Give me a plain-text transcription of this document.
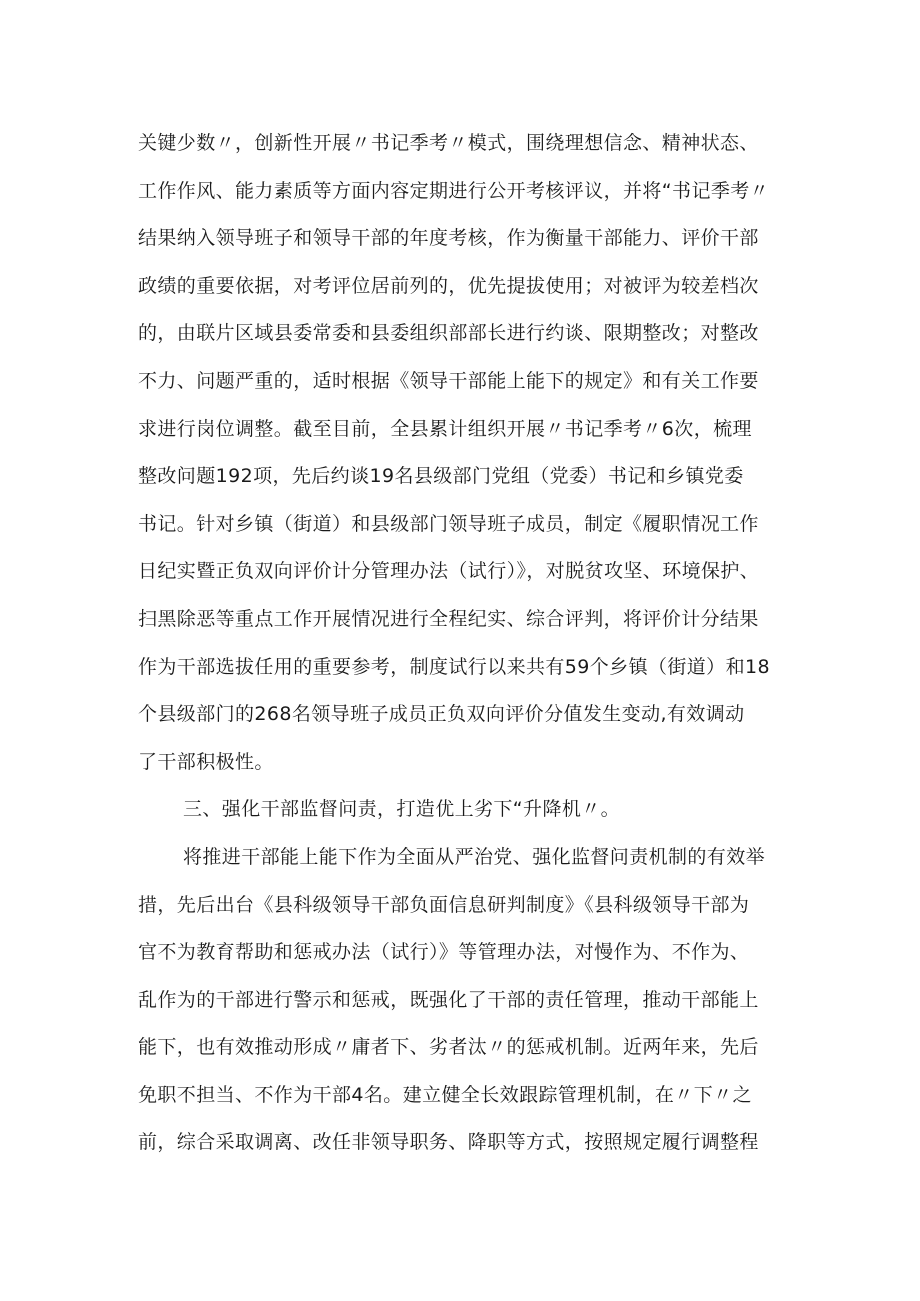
关键少数〃，创新性开展〃书记季考〃模式，围绕理想信念、精神状态、
工作作风、能力素质等方面内容定期进行公开考核评议，并将“书记季考〃
结果纳入领导班子和领导干部的年度考核，作为衡量干部能力、评价干部
政绩的重要依据，对考评位居前列的，优先提拔使用；对被评为较差档次
的，由联片区域县委常委和县委组织部部长进行约谈、限期整改；对整改
不力、问题严重的，适时根据《领导干部能上能下的规定》和有关工作要
求进行岗位调整。截至目前，全县累计组织开展〃书记季考〃6次，梳理
整改问题192项，先后约谈19名县级部门党组（党委）书记和乡镇党委
书记。针对乡镇（街道）和县级部门领导班子成员，制定《履职情况工作
日纪实暨正负双向评价计分管理办法（试行）》，对脱贫攻坚、环境保护、
扫黑除恶等重点工作开展情况进行全程纪实、综合评判，将评价计分结果
作为干部选拔任用的重要参考，制度试行以来共有59个乡镇（街道）和18
个县级部门的268名领导班子成员正负双向评价分值发生变动,有效调动
了干部积极性。
三、强化干部监督问责，打造优上劣下“升降机〃。
将推进干部能上能下作为全面从严治党、强化监督问责机制的有效举
措，先后出台《县科级领导干部负面信息研判制度》《县科级领导干部为
官不为教育帮助和惩戒办法（试行）》等管理办法，对慢作为、不作为、
乱作为的干部进行警示和惩戒，既强化了干部的责任管理，推动干部能上
能下，也有效推动形成〃庸者下、劣者汰〃的惩戒机制。近两年来，先后
免职不担当、不作为干部4名。建立健全长效跟踪管理机制，在〃下〃之
前，综合采取调离、改任非领导职务、降职等方式，按照规定履行调整程
